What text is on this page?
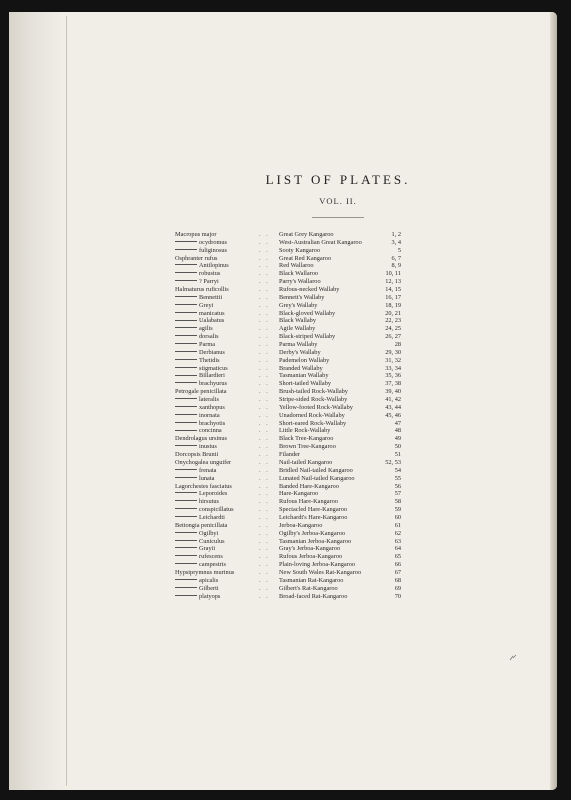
LIST OF PLATES.
VOL. II.
Macropus major	. . Great Grey Kangaroo	1, 2
ocydromus	. . West-Australian Great Kangaroo	3, 4
fuliginosus	. . Sooty Kangaroo	5
Osphranter rufus	. . Great Red Kangaroo	6, 7
Antilopinus	. . Red Wallaroo	8, 9
robustus	. . Black Wallaroo	10, 11
? Parryi	. . Parry's Wallaroo	12, 13
Halmaturus ruficollis	. . Rufous-necked Wallaby	14, 15
Bennettii	. . Bennett's Wallaby	16, 17
Greyi	. . Grey's Wallaby	18, 19
manicatus	. . Black-gloved Wallaby	20, 21
Ualabatus	. . Black Wallaby	22, 23
agilis	. . Agile Wallaby	24, 25
dorsalis	. . Black-striped Wallaby	26, 27
Parma	. . Parma Wallaby	28
Derbianus	. . Derby's Wallaby	29, 30
Thetidis	. . Pademelon Wallaby	31, 32
stigmaticus	. . Branded Wallaby	33, 34
Billardieri	. . Tasmanian Wallaby	35, 36
brachyurus	. . Short-tailed Wallaby	37, 38
Petrogale penicillata	. . Brush-tailed Rock-Wallaby	39, 40
lateralis	. . Stripe-sided Rock-Wallaby	41, 42
xanthopus	. . Yellow-footed Rock-Wallaby	43, 44
inornata	. . Unadorned Rock-Wallaby	45, 46
brachyotis	. . Short-eared Rock-Wallaby	47
concinna	. . Little Rock-Wallaby	48
Dendrolagus ursinus	. . Black Tree-Kangaroo	49
inustus	. . Brown Tree-Kangaroo	50
Dorcopsis Brunii	. . Filander	51
Onychogalea unguifer	. . Nail-tailed Kangaroo	52, 53
frenata	. . Bridled Nail-tailed Kangaroo	54
lunata	. . Lunated Nail-tailed Kangaroo	55
Lagorchestes fasciatus	. . Banded Hare-Kangaroo	56
Leporoides	. . Hare-Kangaroo	57
hirsutus	. . Rufous Hare-Kangaroo	58
conspicillatus	. . Spectacled Hare-Kangaroo	59
Leichardti	. . Leichardt's Hare-Kangaroo	60
Bettongia penicillata	. . Jerboa-Kangaroo	61
Ogilbyi	. . Ogilby's Jerboa-Kangaroo	62
Cuniculus	. . Tasmanian Jerboa-Kangaroo	63
Grayii	. . Gray's Jerboa-Kangaroo	64
rufescens	. . Rufous Jerboa-Kangaroo	65
campestris	. . Plain-loving Jerboa-Kangaroo	66
Hypsiprymnus murinus	. . New South Wales Rat-Kangaroo	67
apicalis	. . Tasmanian Rat-Kangaroo	68
Gilberti	. . Gilbert's Rat-Kangaroo	69
platyops	. . Broad-faced Rat-Kangaroo	70
